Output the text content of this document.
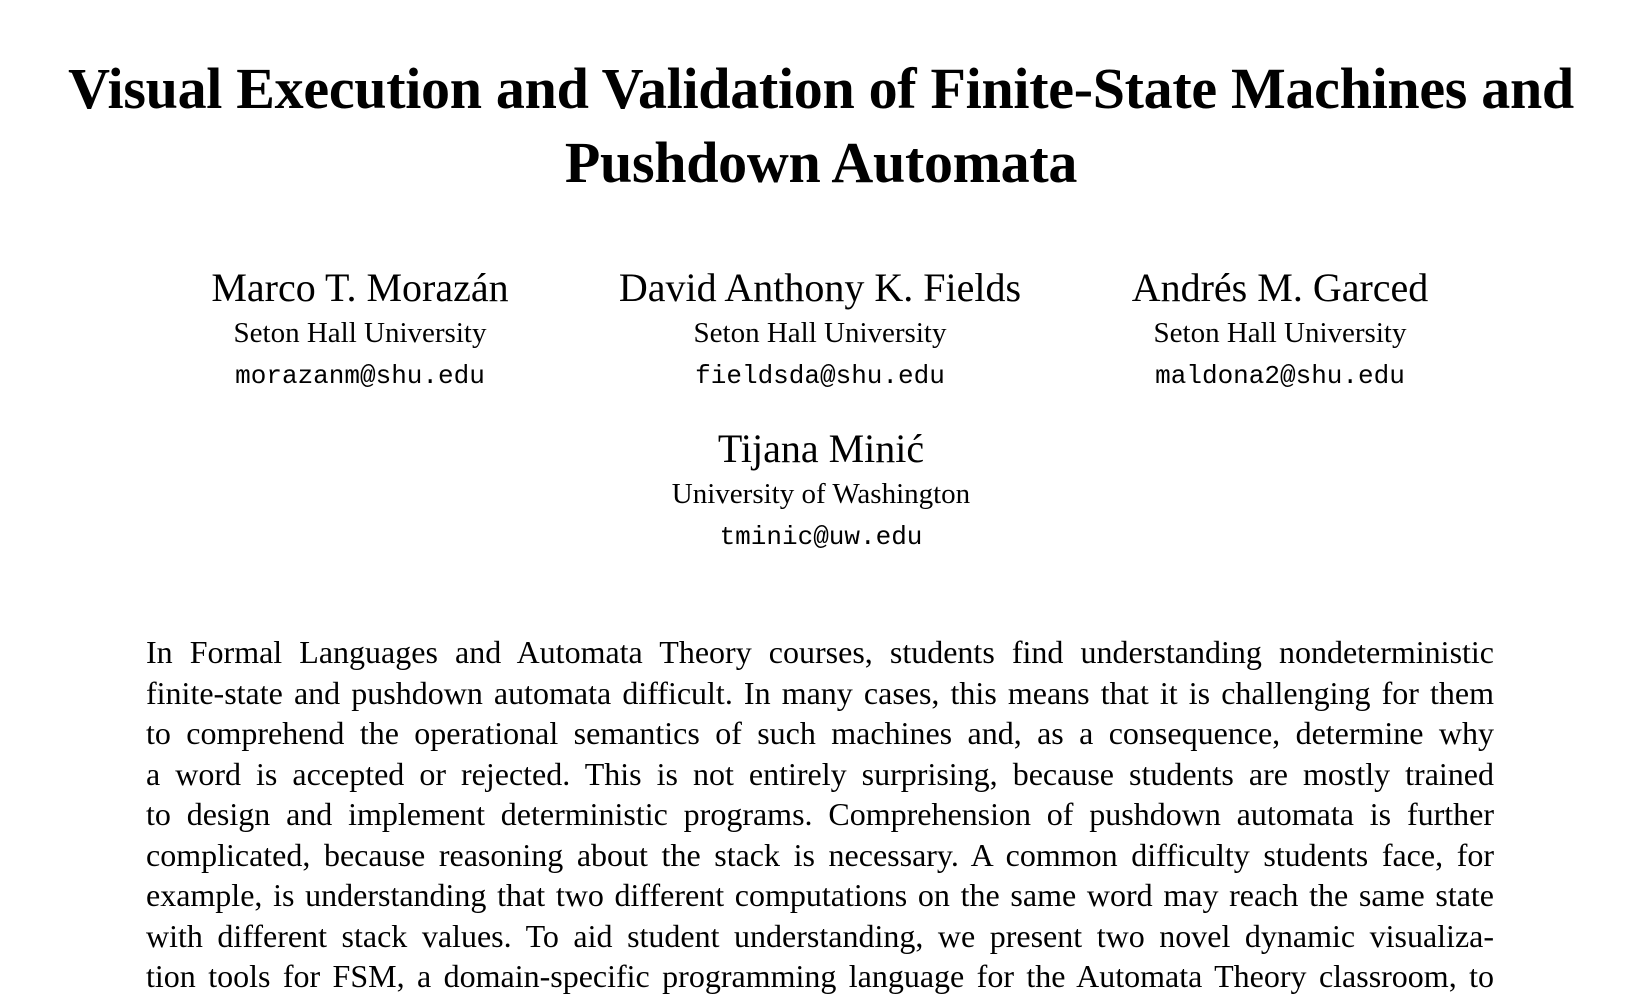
Visual Execution and Validation of Finite-State Machines and
Pushdown Automata
Marco T. Morazán
Seton Hall University
morazanm@shu.edu
David Anthony K. Fields
Seton Hall University
fieldsda@shu.edu
Andrés M. Garced
Seton Hall University
maldona2@shu.edu
Tijana Minić
University of Washington
tminic@uw.edu
In Formal Languages and Automata Theory courses, students find understanding nondeterministic
finite-state and pushdown automata difficult. In many cases, this means that it is challenging for them
to comprehend the operational semantics of such machines and, as a consequence, determine why
a word is accepted or rejected. This is not entirely surprising, because students are mostly trained
to design and implement deterministic programs. Comprehension of pushdown automata is further
complicated, because reasoning about the stack is necessary. A common difficulty students face, for
example, is understanding that two different computations on the same word may reach the same state
with different stack values. To aid student understanding, we present two novel dynamic visualiza-
tion tools for FSM, a domain-specific programming language for the Automata Theory classroom, to
